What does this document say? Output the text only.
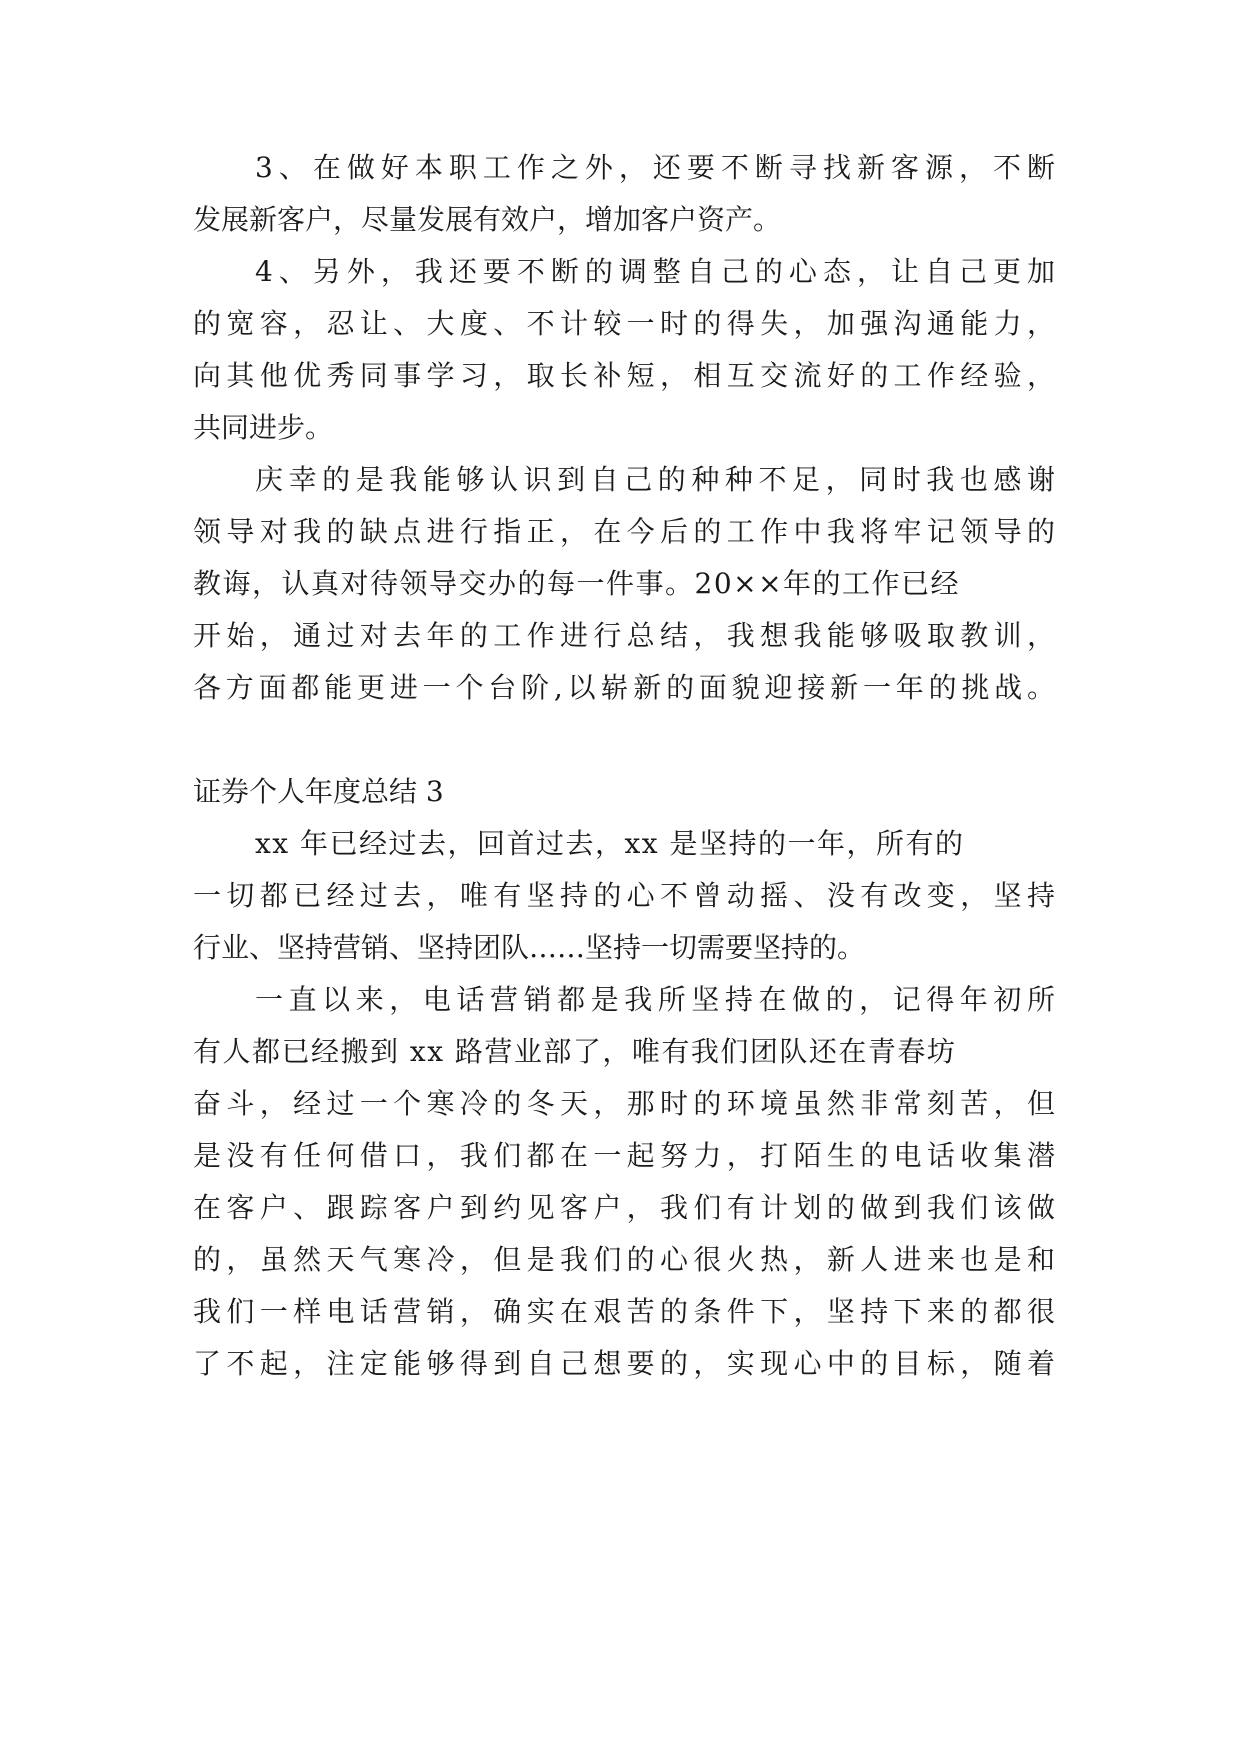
3、在做好本职工作之外，还要不断寻找新客源，不断
发展新客户，尽量发展有效户，增加客户资产。
4、另外，我还要不断的调整自己的心态，让自己更加
的宽容，忍让、大度、不计较一时的得失，加强沟通能力，
向其他优秀同事学习，取长补短，相互交流好的工作经验，
共同进步。
庆幸的是我能够认识到自己的种种不足，同时我也感谢
领导对我的缺点进行指正，在今后的工作中我将牢记领导的
教诲，认真对待领导交办的每一件事。20××年的工作已经
开始，通过对去年的工作进行总结，我想我能够吸取教训，
各方面都能更进一个台阶,以崭新的面貌迎接新一年的挑战。
证券个人年度总结 3
xx 年已经过去，回首过去，xx 是坚持的一年，所有的
一切都已经过去，唯有坚持的心不曾动摇、没有改变，坚持
行业、坚持营销、坚持团队……坚持一切需要坚持的。
一直以来，电话营销都是我所坚持在做的，记得年初所
有人都已经搬到 xx 路营业部了，唯有我们团队还在青春坊
奋斗，经过一个寒冷的冬天，那时的环境虽然非常刻苦，但
是没有任何借口，我们都在一起努力，打陌生的电话收集潜
在客户、跟踪客户到约见客户，我们有计划的做到我们该做
的，虽然天气寒冷，但是我们的心很火热，新人进来也是和
我们一样电话营销，确实在艰苦的条件下，坚持下来的都很
了不起，注定能够得到自己想要的，实现心中的目标，随着
